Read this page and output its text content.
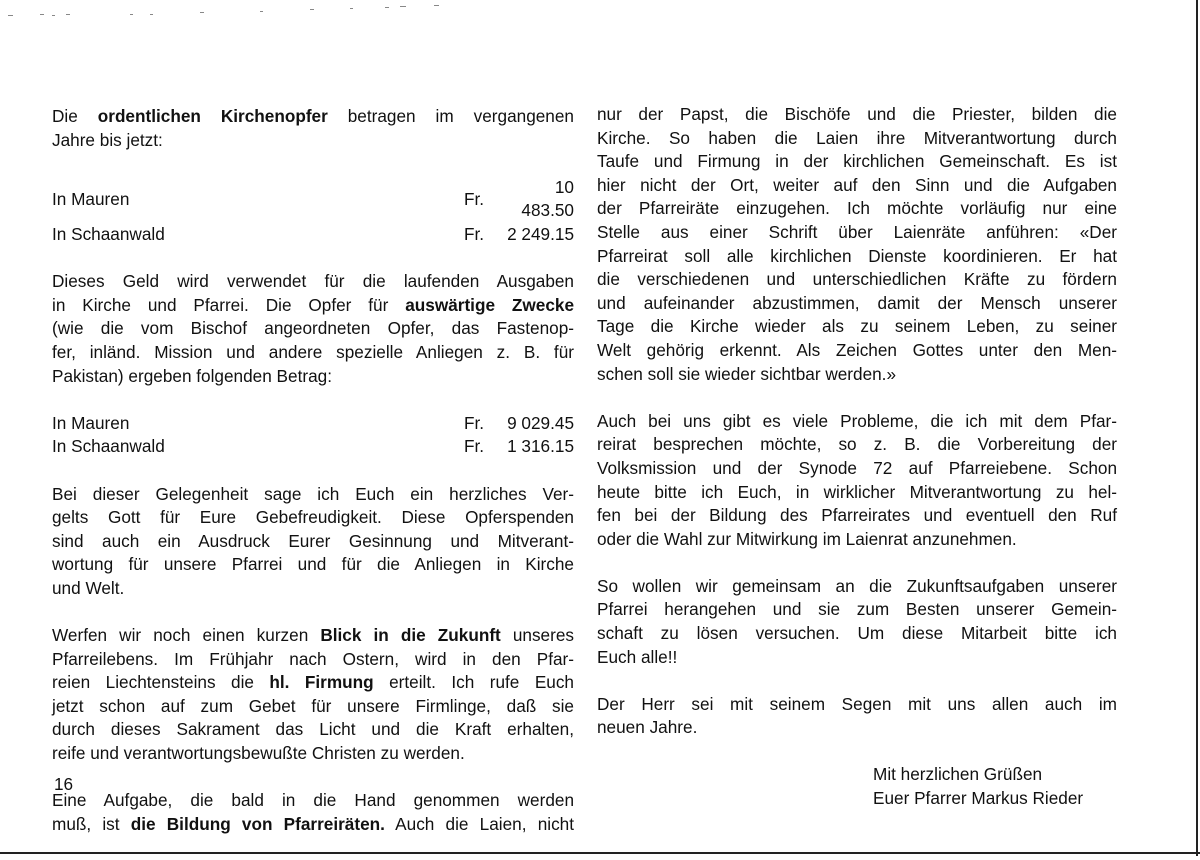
Die ordentlichen Kirchenopfer betragen im vergangenen
Jahre bis jetzt:

In Mauren	Fr.	10 483.50
In Schaanwald	Fr.	2 249.15

Dieses Geld wird verwendet für die laufenden Ausgaben
in Kirche und Pfarrei. Die Opfer für auswärtige Zwecke
(wie die vom Bischof angeordneten Opfer, das Fastenop-
fer, inländ. Mission und andere spezielle Anliegen z. B. für
Pakistan) ergeben folgenden Betrag:

In Mauren	Fr.	9 029.45
In Schaanwald	Fr.	1 316.15

Bei dieser Gelegenheit sage ich Euch ein herzliches Ver-
gelts Gott für Eure Gebefreudigkeit. Diese Opferspenden
sind auch ein Ausdruck Eurer Gesinnung und Mitverant-
wortung für unsere Pfarrei und für die Anliegen in Kirche
und Welt.

Werfen wir noch einen kurzen Blick in die Zukunft unseres
Pfarreilebens. Im Frühjahr nach Ostern, wird in den Pfar-
reien Liechtensteins die hl. Firmung erteilt. Ich rufe Euch
jetzt schon auf zum Gebet für unsere Firmlinge, daß sie
durch dieses Sakrament das Licht und die Kraft erhalten,
reife und verantwortungsbewußte Christen zu werden.

Eine Aufgabe, die bald in die Hand genommen werden
muß, ist die Bildung von Pfarreiräten. Auch die Laien, nicht

nur der Papst, die Bischöfe und die Priester, bilden die
Kirche. So haben die Laien ihre Mitverantwortung durch
Taufe und Firmung in der kirchlichen Gemeinschaft. Es ist
hier nicht der Ort, weiter auf den Sinn und die Aufgaben
der Pfarreiräte einzugehen. Ich möchte vorläufig nur eine
Stelle aus einer Schrift über Laienräte anführen: «Der
Pfarreirat soll alle kirchlichen Dienste koordinieren. Er hat
die verschiedenen und unterschiedlichen Kräfte zu fördern
und aufeinander abzustimmen, damit der Mensch unserer
Tage die Kirche wieder als zu seinem Leben, zu seiner
Welt gehörig erkennt. Als Zeichen Gottes unter den Men-
schen soll sie wieder sichtbar werden.»

Auch bei uns gibt es viele Probleme, die ich mit dem Pfar-
reirat besprechen möchte, so z. B. die Vorbereitung der
Volksmission und der Synode 72 auf Pfarreiebene. Schon
heute bitte ich Euch, in wirklicher Mitverantwortung zu hel-
fen bei der Bildung des Pfarreirates und eventuell den Ruf
oder die Wahl zur Mitwirkung im Laienrat anzunehmen.

So wollen wir gemeinsam an die Zukunftsaufgaben unserer
Pfarrei herangehen und sie zum Besten unserer Gemein-
schaft zu lösen versuchen. Um diese Mitarbeit bitte ich
Euch alle!!

Der Herr sei mit seinem Segen mit uns allen auch im
neuen Jahre.

Mit herzlichen Grüßen
Euer Pfarrer Markus Rieder
16
